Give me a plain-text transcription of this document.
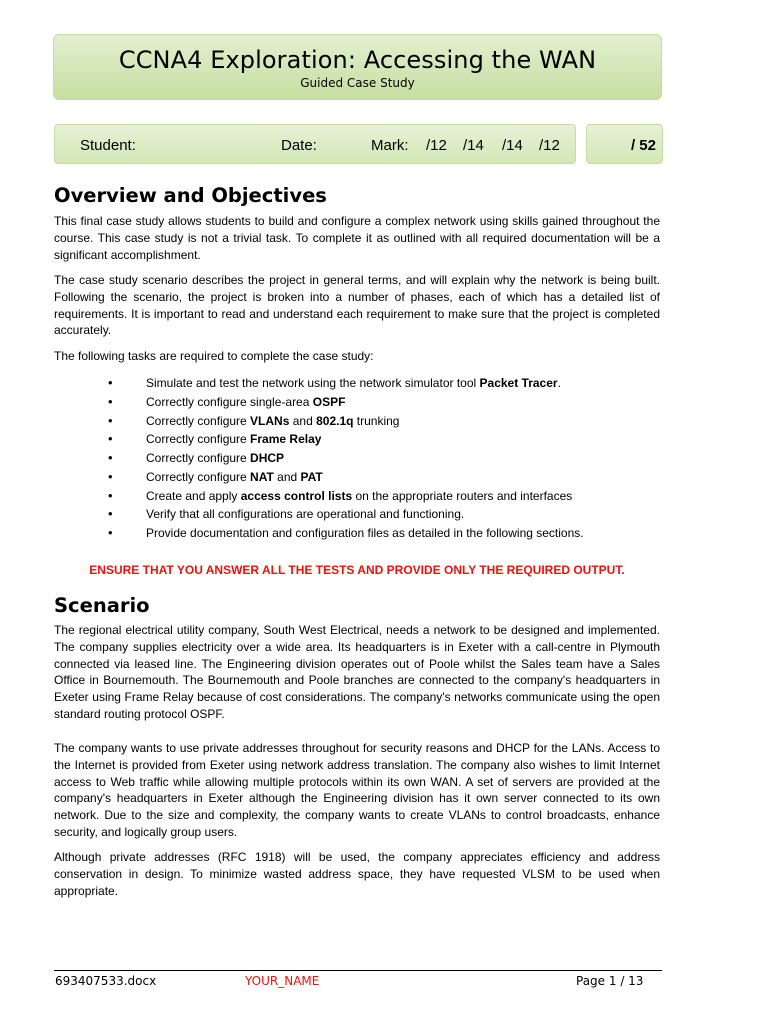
CCNA4 Exploration: Accessing the WAN
Guided Case Study
Student:	Date:	Mark: /12 /14 /14 /12	/ 52
Overview and Objectives

This final case study allows students to build and configure a complex network using skills gained throughout the course. This case study is not a trivial task. To complete it as outlined with all required documentation will be a significant accomplishment.

The case study scenario describes the project in general terms, and will explain why the network is being built. Following the scenario, the project is broken into a number of phases, each of which has a detailed list of requirements. It is important to read and understand each requirement to make sure that the project is completed accurately.

The following tasks are required to complete the case study:

•	Simulate and test the network using the network simulator tool Packet Tracer.
•	Correctly configure single-area OSPF
•	Correctly configure VLANs and 802.1q trunking
•	Correctly configure Frame Relay
•	Correctly configure DHCP
•	Correctly configure NAT and PAT
•	Create and apply access control lists on the appropriate routers and interfaces
•	Verify that all configurations are operational and functioning.
•	Provide documentation and configuration files as detailed in the following sections.
ENSURE THAT YOU ANSWER ALL THE TESTS AND PROVIDE ONLY THE REQUIRED OUTPUT.
Scenario

The regional electrical utility company, South West Electrical, needs a network to be designed and implemented. The company supplies electricity over a wide area. Its headquarters is in Exeter with a call-centre in Plymouth connected via leased line. The Engineering division operates out of Poole whilst the Sales team have a Sales Office in Bournemouth. The Bournemouth and Poole branches are connected to the company's headquarters in Exeter using Frame Relay because of cost considerations. The company's networks communicate using the open standard routing protocol OSPF.

The company wants to use private addresses throughout for security reasons and DHCP for the LANs. Access to the Internet is provided from Exeter using network address translation. The company also wishes to limit Internet access to Web traffic while allowing multiple protocols within its own WAN. A set of servers are provided at the company's headquarters in Exeter although the Engineering division has it own server connected to its own network. Due to the size and complexity, the company wants to create VLANs to control broadcasts, enhance security, and logically group users.

Although private addresses (RFC 1918) will be used, the company appreciates efficiency and address conservation in design. To minimize wasted address space, they have requested VLSM to be used when appropriate.

693407533.docx	YOUR_NAME	Page 1 / 13
